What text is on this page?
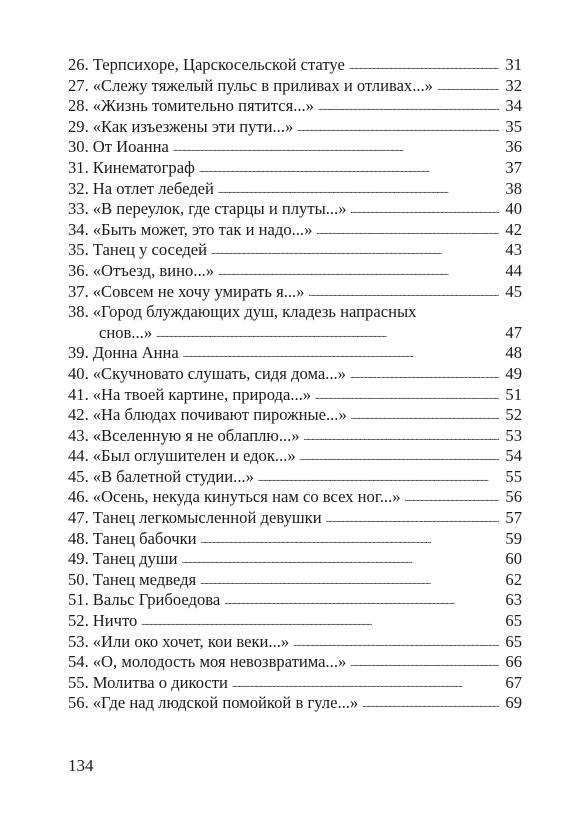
26. Терпсихоре, Царскосельской статуе . . .	31
27. «Слежу тяжелый пульс в приливах и отливах...» . . .	32
28. «Жизнь томительно пятится...» . . .	34
29. «Как изъезжены эти пути...» . . .	35
30. От Иоанна . . .	36
31. Кинематограф . . .	37
32. На отлет лебедей . . .	38
33. «В переулок, где старцы и плуты...» . . .	40
34. «Быть может, это так и надо...» . . .	42
35. Танец у соседей . . .	43
36. «Отъезд, вино...» . . .	44
37. «Совсем не хочу умирать я...» . . .	45
38. «Город блуждающих душ, кладезь напрасных
снов...» . . .	47
39. Донна Анна . . .	48
40. «Скучновато слушать, сидя дома...» . . .	49
41. «На твоей картине, природа...» . . .	51
42. «На блюдах почивают пирожные...» . . .	52
43. «Вселенную я не облаплю...» . . .	53
44. «Был оглушителен и едок...» . . .	54
45. «В балетной студии...» . . .	55
46. «Осень, некуда кинуться нам со всех ног...» . . .	56
47. Танец легкомысленной девушки . . .	57
48. Танец бабочки . . .	59
49. Танец души . . .	60
50. Танец медведя . . .	62
51. Вальс Грибоедова . . .	63
52. Ничто . . .	65
53. «Или око хочет, кои веки...» . . .	65
54. «О, молодость моя невозвратима...» . . .	66
55. Молитва о дикости . . .	67
56. «Где над людской помойкой в гуле...» . . .	69
134
